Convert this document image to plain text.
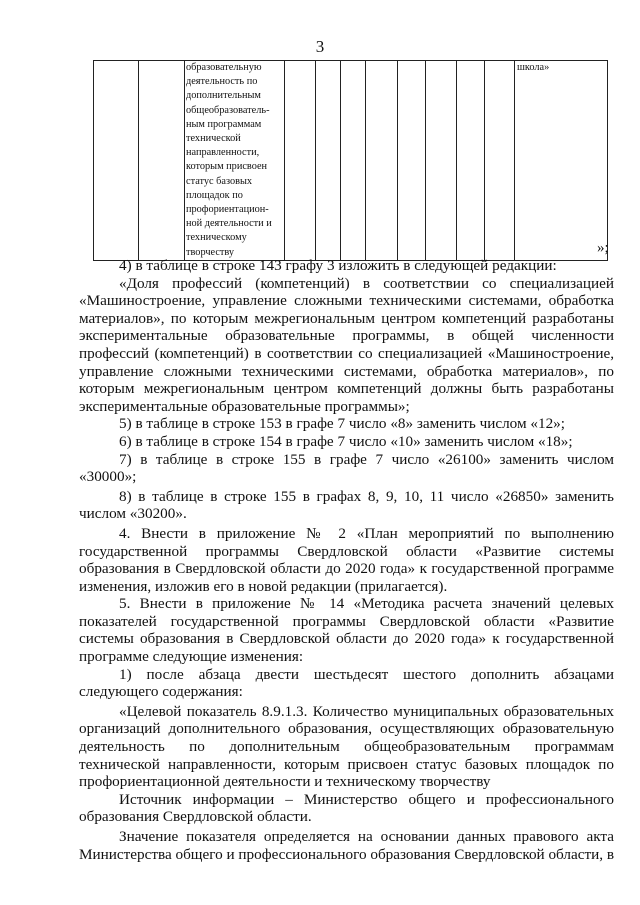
3

образовательную
деятельность по
дополнительным
общеобразователь-
ным программам
технической
направленности,
которым присвоен
статус базовых
площадок по
профориентацион-
ной деятельности и
техническому
творчеству
									школа»
»;

4) в таблице в строке 143 графу 3 изложить в следующей редакции:

«Доля профессий (компетенций) в соответствии со специализацией «Машиностроение, управление сложными техническими системами, обработка материалов», по которым межрегиональным центром компетенций разработаны экспериментальные образовательные программы, в общей численности профессий (компетенций) в соответствии со специализацией «Машиностроение, управление сложными техническими системами, обработка материалов», по которым межрегиональным центром компетенций должны быть разработаны экспериментальные образовательные программы»;

5) в таблице в строке 153 в графе 7 число «8» заменить числом «12»;

6) в таблице в строке 154 в графе 7 число «10» заменить числом «18»;

7) в таблице в строке 155 в графе 7 число «26100» заменить числом «30000»;

8) в таблице в строке 155 в графах 8, 9, 10, 11 число «26850» заменить числом «30200».

4. Внести в приложение № 2 «План мероприятий по выполнению государственной программы Свердловской области «Развитие системы образования в Свердловской области до 2020 года» к государственной программе изменения, изложив его в новой редакции (прилагается).

5. Внести в приложение № 14 «Методика расчета значений целевых показателей государственной программы Свердловской области «Развитие системы образования в Свердловской области до 2020 года» к государственной программе следующие изменения:

1) после абзаца двести шестьдесят шестого дополнить абзацами следующего содержания:

«Целевой показатель 8.9.1.3. Количество муниципальных образовательных организаций дополнительного образования, осуществляющих образовательную деятельность по дополнительным общеобразовательным программам технической направленности, которым присвоен статус базовых площадок по профориентационной деятельности и техническому творчеству

Источник информации – Министерство общего и профессионального образования Свердловской области.

Значение показателя определяется на основании данных правового акта Министерства общего и профессионального образования Свердловской области, в
